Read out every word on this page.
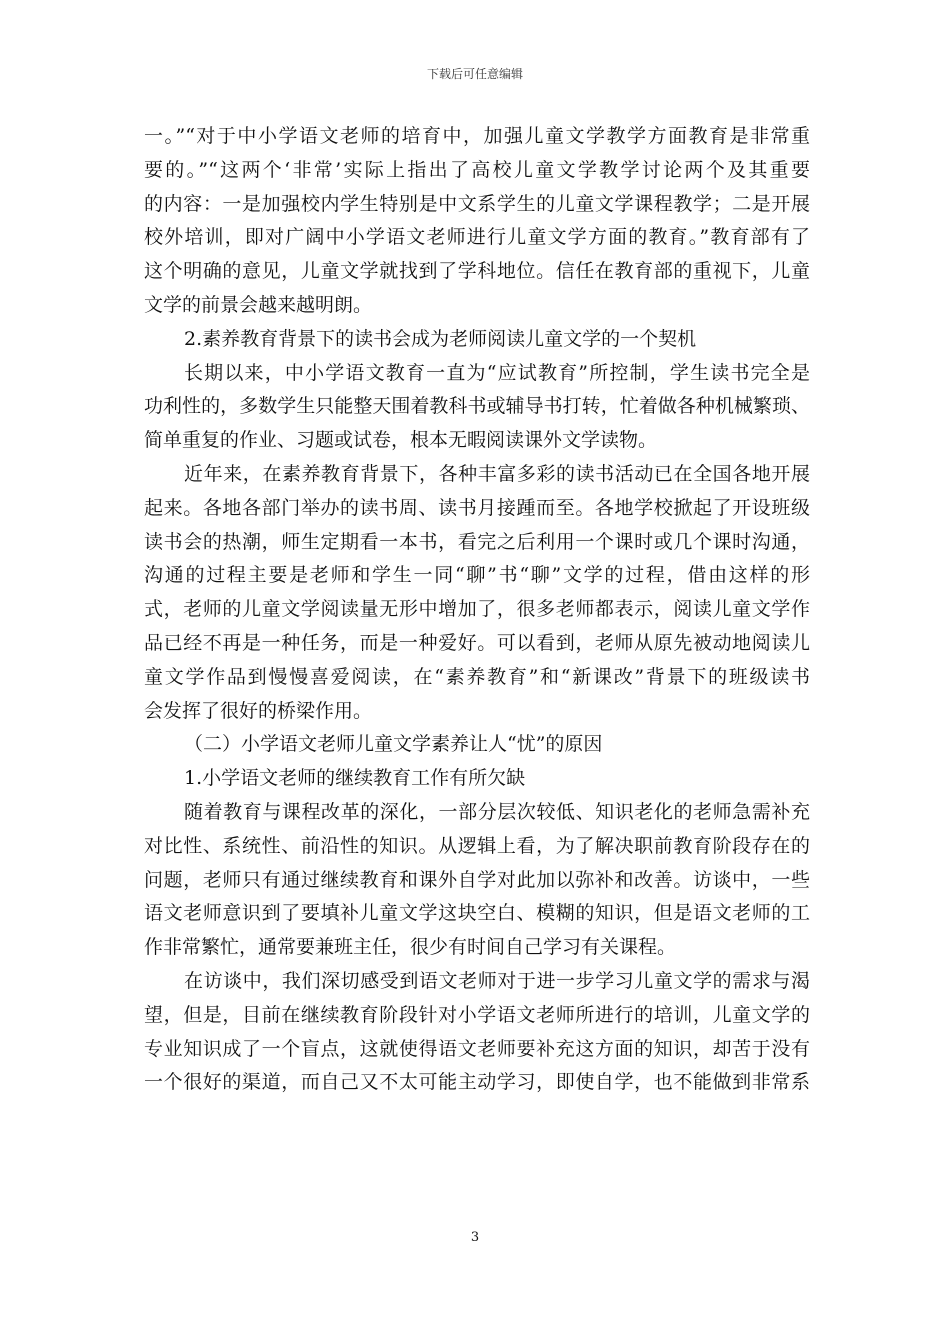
下载后可任意编辑
一。”“对于中小学语文老师的培育中，加强儿童文学教学方面教育是非常重
要的。”“这两个‘非常’实际上指出了高校儿童文学教学讨论两个及其重要
的内容：一是加强校内学生特别是中文系学生的儿童文学课程教学；二是开展
校外培训，即对广阔中小学语文老师进行儿童文学方面的教育。”教育部有了
这个明确的意见，儿童文学就找到了学科地位。信任在教育部的重视下，儿童
文学的前景会越来越明朗。
2.素养教育背景下的读书会成为老师阅读儿童文学的一个契机
长期以来，中小学语文教育一直为“应试教育”所控制，学生读书完全是
功利性的，多数学生只能整天围着教科书或辅导书打转，忙着做各种机械繁琐、
简单重复的作业、习题或试卷，根本无暇阅读课外文学读物。
近年来，在素养教育背景下，各种丰富多彩的读书活动已在全国各地开展
起来。各地各部门举办的读书周、读书月接踵而至。各地学校掀起了开设班级
读书会的热潮，师生定期看一本书，看完之后利用一个课时或几个课时沟通，
沟通的过程主要是老师和学生一同“聊”书“聊”文学的过程，借由这样的形
式，老师的儿童文学阅读量无形中增加了，很多老师都表示，阅读儿童文学作
品已经不再是一种任务，而是一种爱好。可以看到，老师从原先被动地阅读儿
童文学作品到慢慢喜爱阅读，在“素养教育”和“新课改”背景下的班级读书
会发挥了很好的桥梁作用。
（二）小学语文老师儿童文学素养让人“忧”的原因
1.小学语文老师的继续教育工作有所欠缺
随着教育与课程改革的深化，一部分层次较低、知识老化的老师急需补充
对比性、系统性、前沿性的知识。从逻辑上看，为了解决职前教育阶段存在的
问题，老师只有通过继续教育和课外自学对此加以弥补和改善。访谈中，一些
语文老师意识到了要填补儿童文学这块空白、模糊的知识，但是语文老师的工
作非常繁忙，通常要兼班主任，很少有时间自己学习有关课程。
在访谈中，我们深切感受到语文老师对于进一步学习儿童文学的需求与渴
望，但是，目前在继续教育阶段针对小学语文老师所进行的培训，儿童文学的
专业知识成了一个盲点，这就使得语文老师要补充这方面的知识，却苦于没有
一个很好的渠道，而自己又不太可能主动学习，即使自学，也不能做到非常系
3
